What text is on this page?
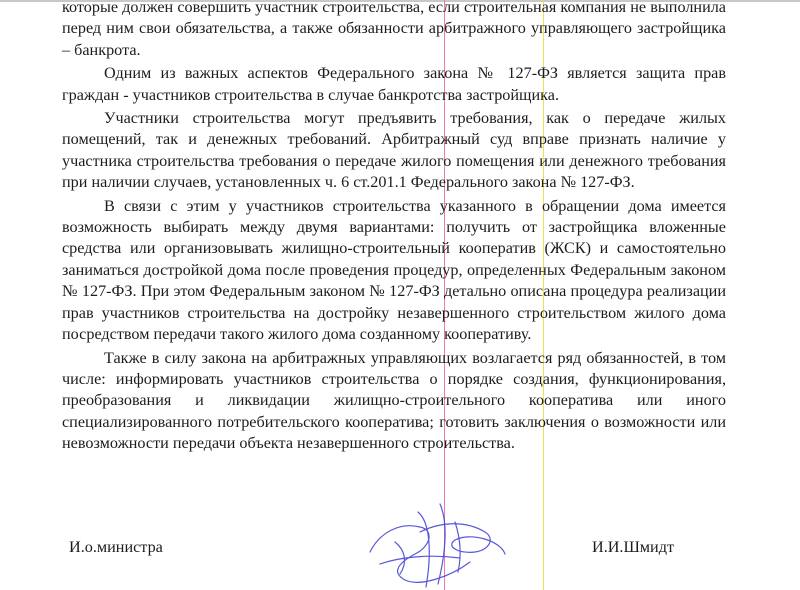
которые должен совершить участник строительства, если строительная компания не выполнила перед ним свои обязательства, а также обязанности арбитражного управляющего застройщика – банкрота.

Одним из важных аспектов Федерального закона № 127-ФЗ является защита прав граждан - участников строительства в случае банкротства застройщика.

Участники строительства могут предъявить требования, как о передаче жилых помещений, так и денежных требований. Арбитражный суд вправе признать наличие у участника строительства требования о передаче жилого помещения или денежного требования при наличии случаев, установленных ч. 6 ст.201.1 Федерального закона № 127-ФЗ.

В связи с этим у участников строительства указанного в обращении дома имеется возможность выбирать между двумя вариантами: получить от застройщика вложенные средства или организовывать жилищно-строительный кооператив (ЖСК) и самостоятельно заниматься достройкой дома после проведения процедур, определенных Федеральным законом № 127-ФЗ. При этом Федеральным законом № 127-ФЗ детально описана процедура реализации прав участников строительства на достройку незавершенного строительством жилого дома посредством передачи такого жилого дома созданному кооперативу.

Также в силу закона на арбитражных управляющих возлагается ряд обязанностей, в том числе: информировать участников строительства о порядке создания, функционирования, преобразования и ликвидации жилищно-строительного кооператива или иного специализированного потребительского кооператива; готовить заключения о возможности или невозможности передачи объекта незавершенного строительства.

И.о.министра	И.И.Шмидт
